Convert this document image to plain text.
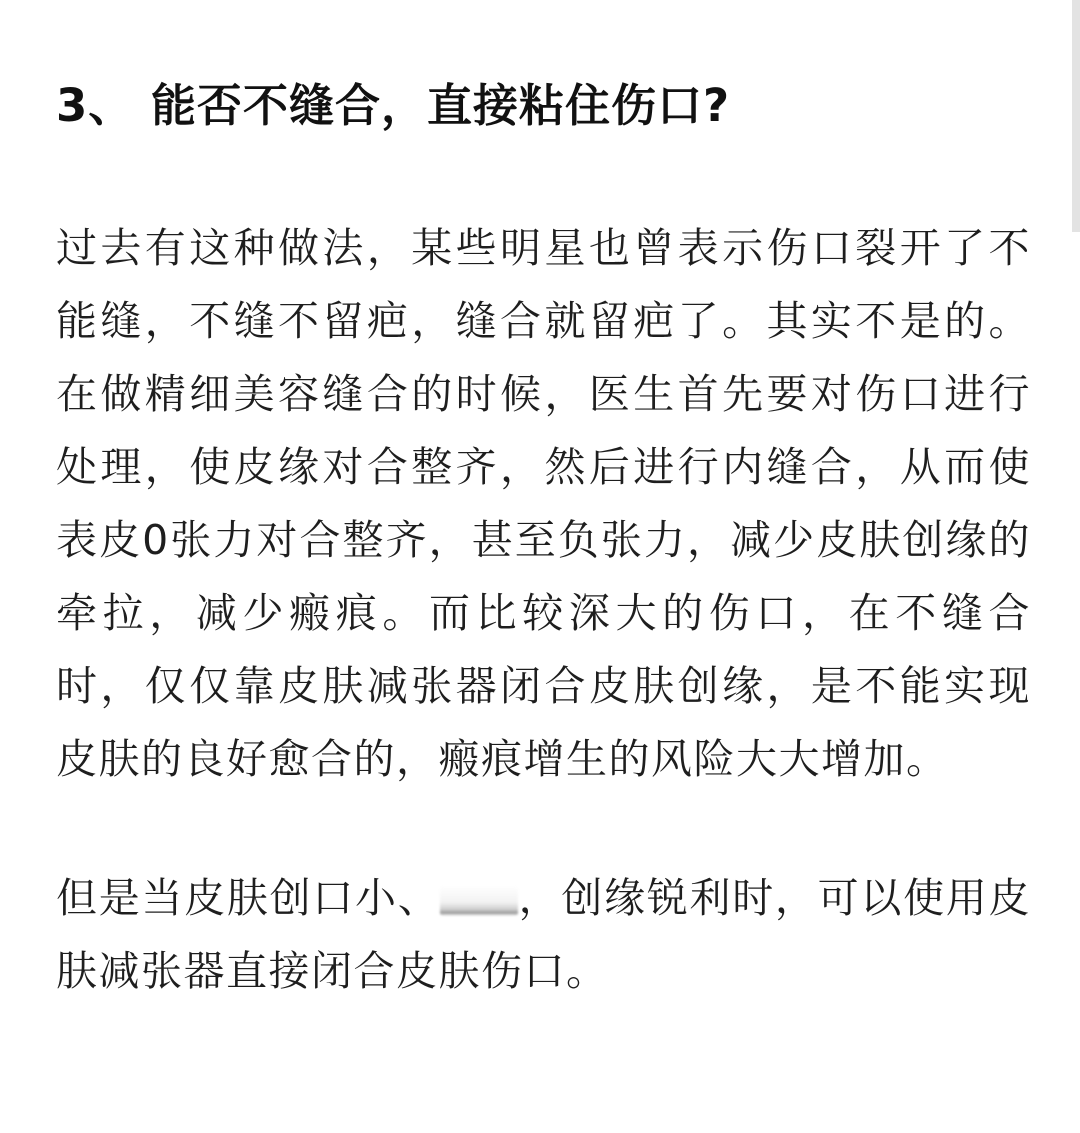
3、 能否不缝合，直接粘住伤口?

过去有这种做法，某些明星也曾表示伤口裂开了不能缝，不缝不留疤，缝合就留疤了。其实不是的。在做精细美容缝合的时候，医生首先要对伤口进行处理，使皮缘对合整齐，然后进行内缝合，从而使表皮0张力对合整齐，甚至负张力，减少皮肤创缘的牵拉，减少瘢痕。而比较深大的伤口，在不缝合时，仅仅靠皮肤减张器闭合皮肤创缘，是不能实现皮肤的良好愈合的，瘢痕增生的风险大大增加。

但是当皮肤创口小、 ，创缘锐利时，可以使用皮肤减张器直接闭合皮肤伤口。
